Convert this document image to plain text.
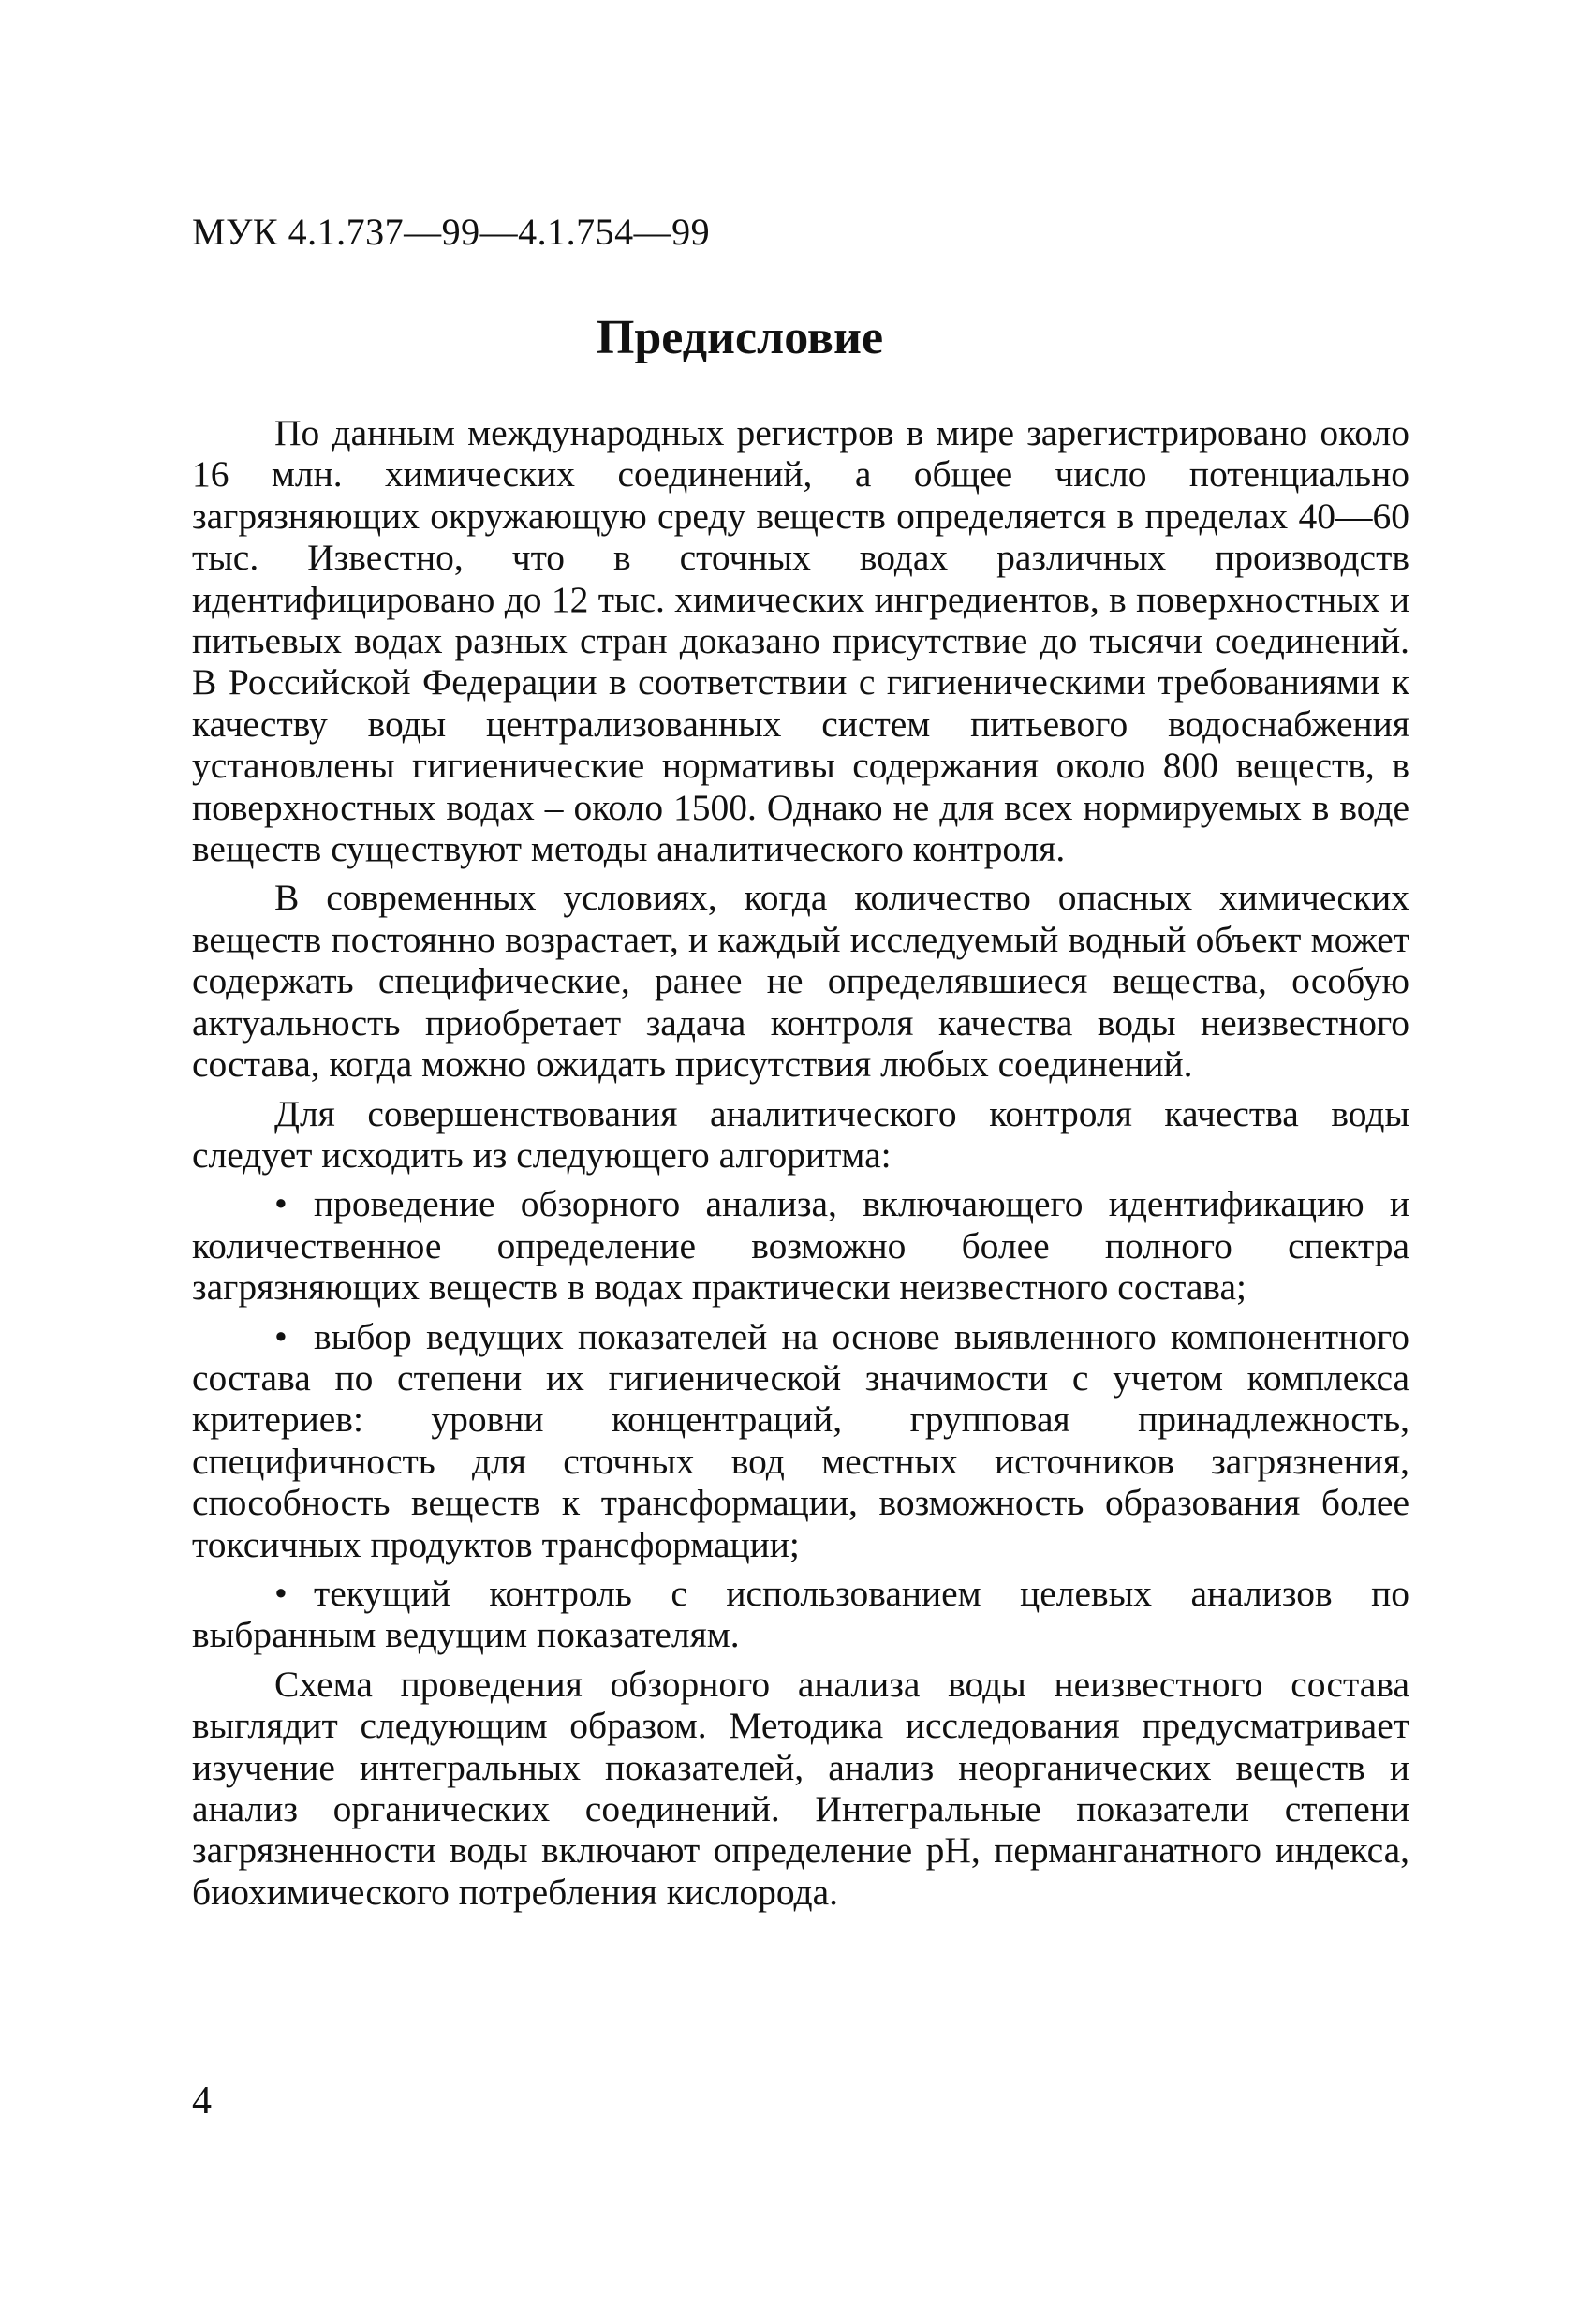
МУК 4.1.737—99—4.1.754—99
Предисловие

По данным международных регистров в мире зарегистрировано около 16 млн. химических соединений, а общее число потенциально загрязняющих окружающую среду веществ определяется в пределах 40—60 тыс. Известно, что в сточных водах различных производств идентифицировано до 12 тыс. химических ингредиентов, в поверхностных и питьевых водах разных стран доказано присутствие до тысячи соединений. В Российской Федерации в соответствии с гигиеническими требованиями к качеству воды централизованных систем питьевого водоснабжения установлены гигиенические нормативы содержания около 800 веществ, в поверхностных водах – около 1500. Однако не для всех нормируемых в воде веществ существуют методы аналитического контроля.

В современных условиях, когда количество опасных химических веществ постоянно возрастает, и каждый исследуемый водный объект может содержать специфические, ранее не определявшиеся вещества, особую актуальность приобретает задача контроля качества воды неизвестного состава, когда можно ожидать присутствия любых соединений.

Для совершенствования аналитического контроля качества воды следует исходить из следующего алгоритма:

• проведение обзорного анализа, включающего идентификацию и количественное определение возможно более полного спектра загрязняющих веществ в водах практически неизвестного состава;
• выбор ведущих показателей на основе выявленного компонентного состава по степени их гигиенической значимости с учетом комплекса критериев: уровни концентраций, групповая принадлежность, специфичность для сточных вод местных источников загрязнения, способность веществ к трансформации, возможность образования более токсичных продуктов трансформации;
• текущий контроль с использованием целевых анализов по выбранным ведущим показателям.

Схема проведения обзорного анализа воды неизвестного состава выглядит следующим образом. Методика исследования предусматривает изучение интегральных показателей, анализ неорганических веществ и анализ органических соединений. Интегральные показатели степени загрязненности воды включают определение pH, перманганатного индекса, биохимического потребления кислорода.

4
